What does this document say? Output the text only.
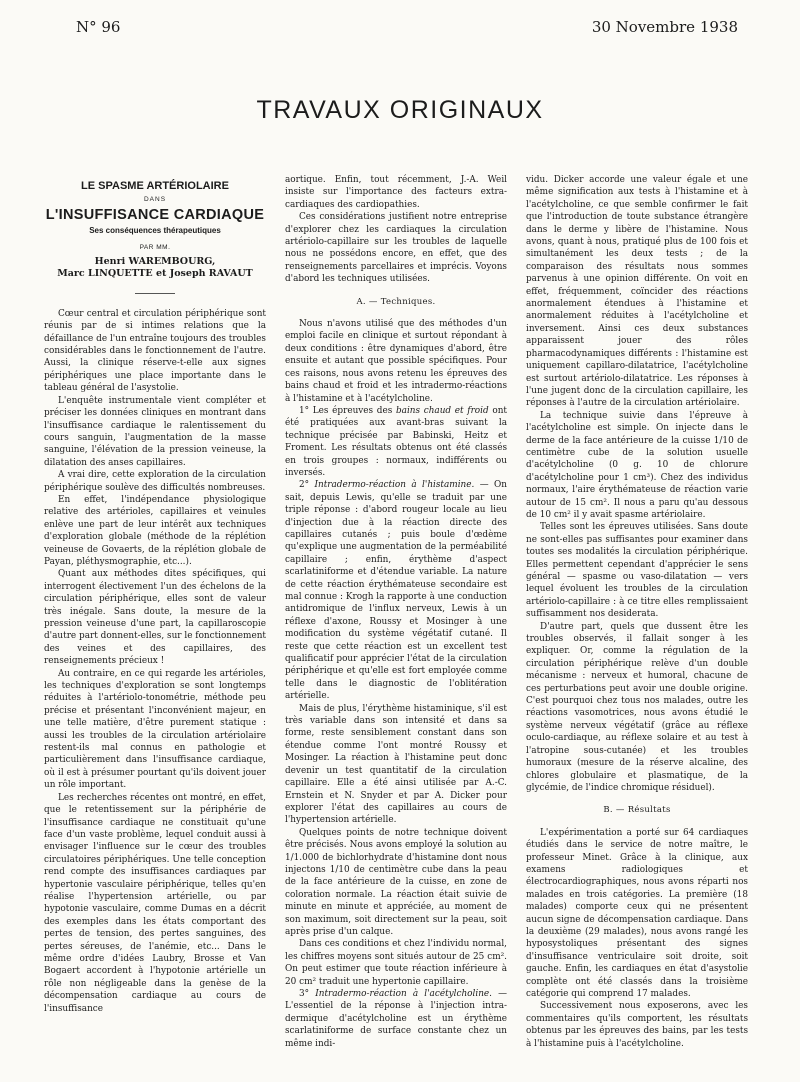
N° 96	30 Novembre 1938
TRAVAUX ORIGINAUX
LE SPASME ARTÉRIOLAIRE
DANS
L'INSUFFISANCE CARDIAQUE
Ses conséquences thérapeutiques
PAR MM.
Henri WAREMBOURG,
Marc LINQUETTE et Joseph RAVAUT

Cœur central et circulation périphérique sont réunis par de si intimes relations que la défaillance de l'un entraîne toujours des troubles considérables dans le fonctionnement de l'autre. Aussi, la clinique réserve-t-elle aux signes périphériques une place importante dans le tableau général de l'asystolie.

L'enquête instrumentale vient compléter et préciser les données cliniques en montrant dans l'insuffisance cardiaque le ralentissement du cours sanguin, l'augmentation de la masse sanguine, l'élévation de la pression veineuse, la dilatation des anses capillaires.

A vrai dire, cette exploration de la circulation périphérique soulève des difficultés nombreuses.

En effet, l'indépendance physiologique relative des artérioles, capillaires et veinules enlève une part de leur intérêt aux techniques d'exploration globale (méthode de la réplétion veineuse de Govaerts, de la réplétion globale de Payan, pléthysmographie, etc...).

Quant aux méthodes dites spécifiques, qui interrogent électivement l'un des échelons de la circulation périphérique, elles sont de valeur très inégale. Sans doute, la mesure de la pression veineuse d'une part, la capillaroscopie d'autre part donnent-elles, sur le fonctionnement des veines et des capillaires, des renseignements précieux !

Au contraire, en ce qui regarde les artérioles, les techniques d'exploration se sont longtemps réduites à l'artériolo-tonométrie, méthode peu précise et présentant l'inconvénient majeur, en une telle matière, d'être purement statique : aussi les troubles de la circulation artériolaire restent-ils mal connus en pathologie et particulièrement dans l'insuffisance cardiaque, où il est à présumer pourtant qu'ils doivent jouer un rôle important.

Les recherches récentes ont montré, en effet, que le retentissement sur la périphérie de l'insuffisance cardiaque ne constituait qu'une face d'un vaste problème, lequel conduit aussi à envisager l'influence sur le cœur des troubles circulatoires périphériques. Une telle conception rend compte des insuffisances cardiaques par hypertonie vasculaire périphérique, telles qu'en réalise l'hypertension artérielle, ou par hypotonie vasculaire, comme Dumas en a décrit des exemples dans les états comportant des pertes de tension, des pertes sanguines, des pertes séreuses, de l'anémie, etc... Dans le même ordre d'idées Laubry, Brosse et Van Bogaert accordent à l'hypotonie artérielle un rôle non négligeable dans la genèse de la décompensation cardiaque au cours de l'insuffisance

aortique. Enfin, tout récemment, J.-A. Weil insiste sur l'importance des facteurs extra-cardiaques des cardiopathies.

Ces considérations justifient notre entreprise d'explorer chez les cardiaques la circulation artériolo-capillaire sur les troubles de laquelle nous ne possédons encore, en effet, que des renseignements parcellaires et imprécis. Voyons d'abord les techniques utilisées.

A. — Techniques.

Nous n'avons utilisé que des méthodes d'un emploi facile en clinique et surtout répondant à deux conditions : être dynamiques d'abord, être ensuite et autant que possible spécifiques. Pour ces raisons, nous avons retenu les épreuves des bains chaud et froid et les intradermo-réactions à l'histamine et à l'acétylcholine.

1° Les épreuves des bains chaud et froid ont été pratiquées aux avant-bras suivant la technique précisée par Babinski, Heitz et Froment. Les résultats obtenus ont été classés en trois groupes : normaux, indifférents ou inversés.

2° Intradermo-réaction à l'histamine. — On sait, depuis Lewis, qu'elle se traduit par une triple réponse : d'abord rougeur locale au lieu d'injection due à la réaction directe des capillaires cutanés ; puis boule d'œdème qu'explique une augmentation de la perméabilité capillaire ; enfin, érythème d'aspect scarlatiniforme et d'étendue variable. La nature de cette réaction érythémateuse secondaire est mal connue : Krogh la rapporte à une conduction antidromique de l'influx nerveux, Lewis à un réflexe d'axone, Roussy et Mosinger à une modification du système végétatif cutané. Il reste que cette réaction est un excellent test qualificatif pour apprécier l'état de la circulation périphérique et qu'elle est fort employée comme telle dans le diagnostic de l'oblitération artérielle.

Mais de plus, l'érythème histaminique, s'il est très variable dans son intensité et dans sa forme, reste sensiblement constant dans son étendue comme l'ont montré Roussy et Mosinger. La réaction à l'histamine peut donc devenir un test quantitatif de la circulation capillaire. Elle a été ainsi utilisée par A.-C. Ernstein et N. Snyder et par A. Dicker pour explorer l'état des capillaires au cours de l'hypertension artérielle.

Quelques points de notre technique doivent être précisés. Nous avons employé la solution au 1/1.000 de bichlorhydrate d'histamine dont nous injectons 1/10 de centimètre cube dans la peau de la face antérieure de la cuisse, en zone de coloration normale. La réaction était suivie de minute en minute et appréciée, au moment de son maximum, soit directement sur la peau, soit après prise d'un calque.

Dans ces conditions et chez l'individu normal, les chiffres moyens sont situés autour de 25 cm². On peut estimer que toute réaction inférieure à 20 cm² traduit une hypertonie capillaire.

3° Intradermo-réaction à l'acétylcholine. — L'essentiel de la réponse à l'injection intra-dermique d'acétylcholine est un érythème scarlatiniforme de surface constante chez un même indi-

vidu. Dicker accorde une valeur égale et une même signification aux tests à l'histamine et à l'acétylcholine, ce que semble confirmer le fait que l'introduction de toute substance étrangère dans le derme y libère de l'histamine. Nous avons, quant à nous, pratiqué plus de 100 fois et simultanément les deux tests ; de la comparaison des résultats nous sommes parvenus à une opinion différente. On voit en effet, fréquemment, coïncider des réactions anormalement étendues à l'histamine et anormalement réduites à l'acétylcholine et inversement. Ainsi ces deux substances apparaissent jouer des rôles pharmacodynamiques différents : l'histamine est uniquement capillaro-dilatatrice, l'acétylcholine est surtout artériolo-dilatatrice. Les réponses à l'une jugent donc de la circulation capillaire, les réponses à l'autre de la circulation artériolaire.

La technique suivie dans l'épreuve à l'acétylcholine est simple. On injecte dans le derme de la face antérieure de la cuisse 1/10 de centimètre cube de la solution usuelle d'acétylcholine (0 g. 10 de chlorure d'acétylcholine pour 1 cm³). Chez des individus normaux, l'aire érythémateuse de réaction varie autour de 15 cm². Il nous a paru qu'au dessous de 10 cm² il y avait spasme artériolaire.

Telles sont les épreuves utilisées. Sans doute ne sont-elles pas suffisantes pour examiner dans toutes ses modalités la circulation périphérique. Elles permettent cependant d'apprécier le sens général — spasme ou vaso-dilatation — vers lequel évoluent les troubles de la circulation artériolo-capillaire : à ce titre elles remplissaient suffisamment nos desiderata.

D'autre part, quels que dussent être les troubles observés, il fallait songer à les expliquer. Or, comme la régulation de la circulation périphérique relève d'un double mécanisme : nerveux et humoral, chacune de ces perturbations peut avoir une double origine. C'est pourquoi chez tous nos malades, outre les réactions vasomotrices, nous avons étudié le système nerveux végétatif (grâce au réflexe oculo-cardiaque, au réflexe solaire et au test à l'atropine sous-cutanée) et les troubles humoraux (mesure de la réserve alcaline, des chlores globulaire et plasmatique, de la glycémie, de l'indice chromique résiduel).

B. — Résultats

L'expérimentation a porté sur 64 cardiaques étudiés dans le service de notre maître, le professeur Minet. Grâce à la clinique, aux examens radiologiques et électrocardiographiques, nous avons réparti nos malades en trois catégories. La première (18 malades) comporte ceux qui ne présentent aucun signe de décompensation cardiaque. Dans la deuxième (29 malades), nous avons rangé les hyposystoliques présentant des signes d'insuffisance ventriculaire soit droite, soit gauche. Enfin, les cardiaques en état d'asystolie complète ont été classés dans la troisième catégorie qui comprend 17 malades.

Successivement nous exposerons, avec les commentaires qu'ils comportent, les résultats obtenus par les épreuves des bains, par les tests à l'histamine puis à l'acétylcholine.
